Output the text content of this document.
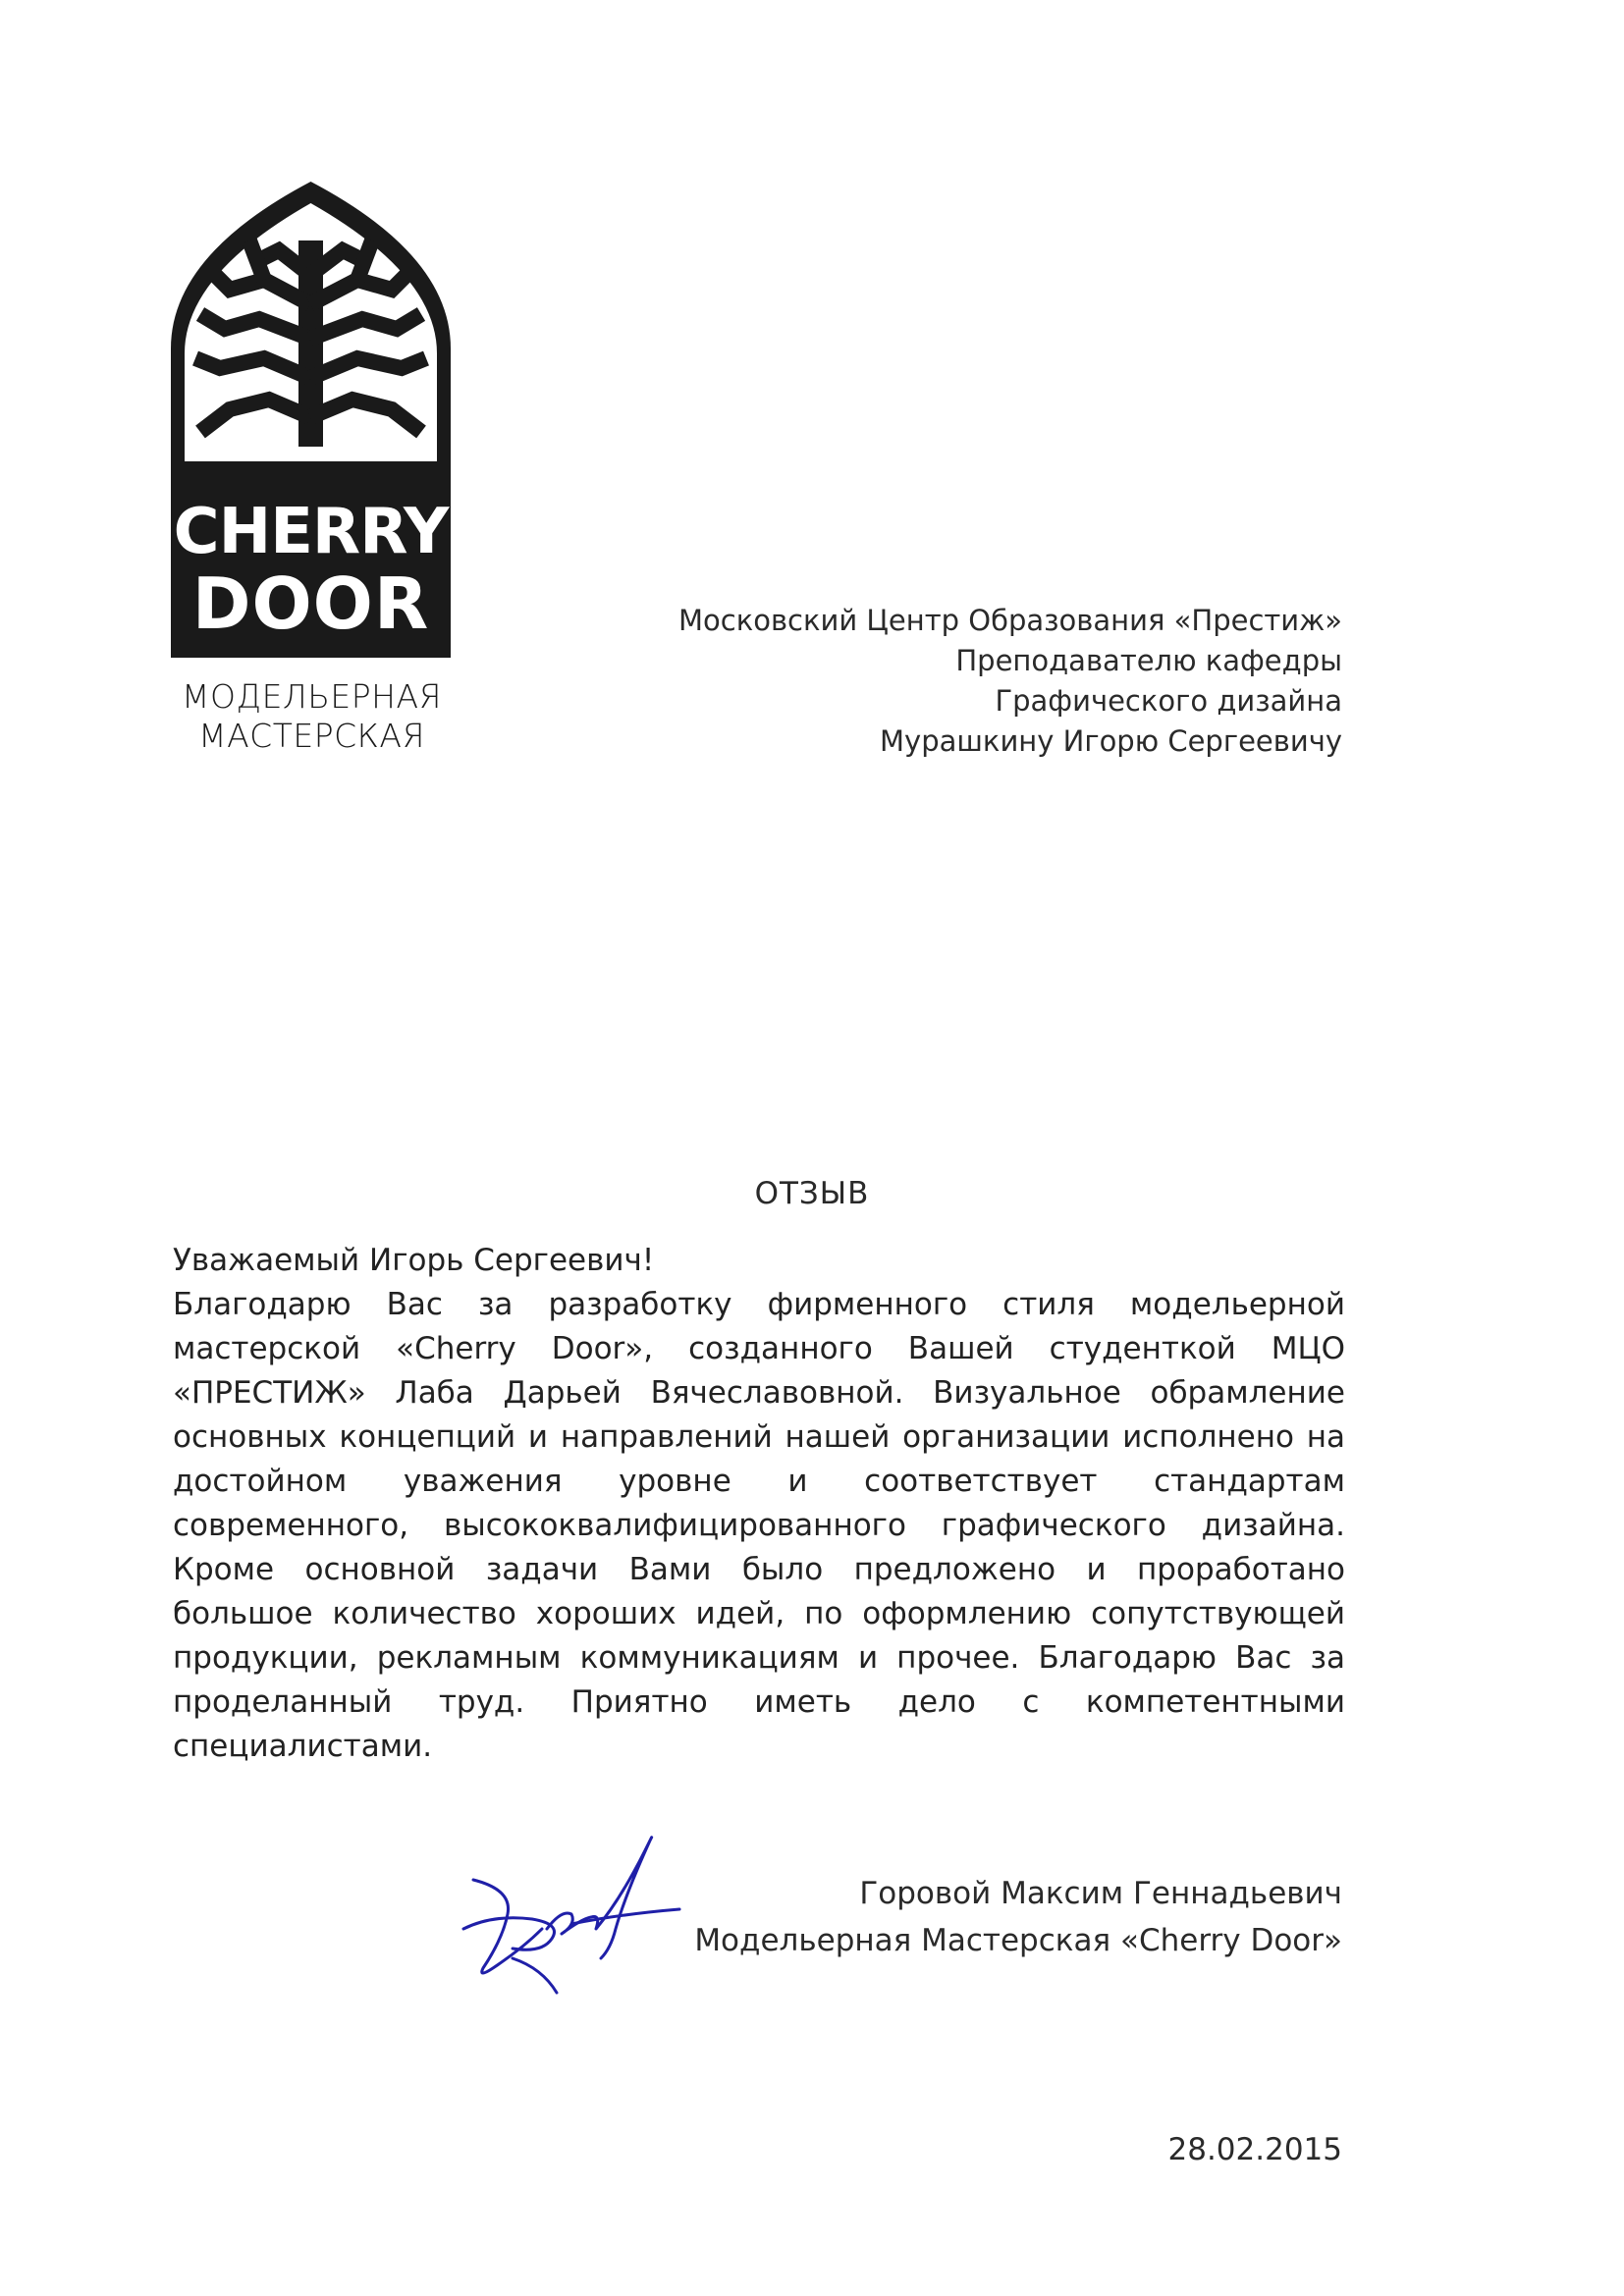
CHERRY
DOOR
МОДЕЛЬЕРНАЯ
МАСТЕРСКАЯ
Московский Центр Образования «Престиж»
Преподавателю кафедры
Графического дизайна
Мурашкину Игорю Сергеевичу
ОТЗЫВ
Уважаемый Игорь Сергеевич!
Благодарю Вас за разработку фирменного стиля модельерной мастерской «Cherry Door», созданного Вашей студенткой МЦО «ПРЕСТИЖ» Лаба Дарьей Вячеславовной. Визуальное обрамление основных концепций и направлений нашей организации исполнено на достойном уважения уровне и соответствует стандартам современного, высококвалифицированного графического дизайна. Кроме основной задачи Вами было предложено и проработано большое количество хороших идей, по оформлению сопутствующей продукции, рекламным коммуникациям и прочее. Благодарю Вас за проделанный труд. Приятно иметь дело с компетентными специалистами.
Горовой Максим Геннадьевич
Модельерная Мастерская «Cherry Door»
28.02.2015
